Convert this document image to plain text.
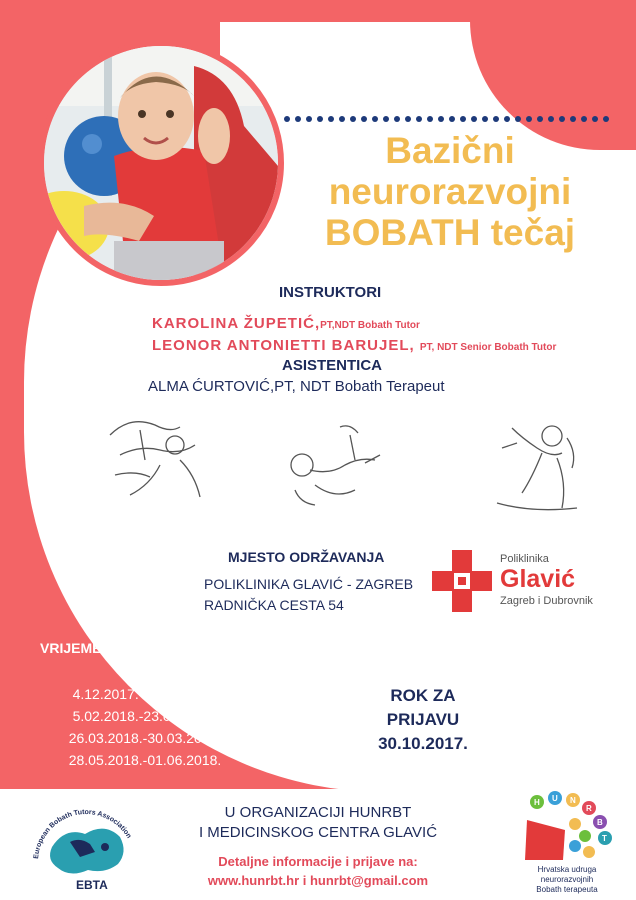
Bazični
neurorazvojni
BOBATH tečaj
INSTRUKTORI
KAROLINA ŽUPETIĆ,PT,NDT Bobath Tutor
LEONOR ANTONIETTI BARUJEL, PT, NDT Senior Bobath Tutor
ASISTENTICA
ALMA ĆURTOVIĆ,PT, NDT Bobath Terapeut
MJESTO ODRŽAVANJA
POLIKLINIKA GLAVIĆ - ZAGREB
RADNIČKA CESTA 54
Poliklinika
Glavić
Zagreb i Dubrovnik
VRIJEME ODRŽAVANJA:
4.12.2017.-22.12.2017.
5.02.2018.-23.02.2018.
26.03.2018.-30.03.2018.
28.05.2018.-01.06.2018.
ROK ZA
PRIJAVU
30.10.2017.
CIJENA
TEČAJA
27.000,00kn
European Bobath Tutors Association
EBTA
U ORGANIZACIJI HUNRBT
I MEDICINSKOG CENTRA GLAVIĆ
Detaljne informacije i prijave na:
www.hunrbt.hr i hunrbt@gmail.com
H U N
R
B
T
Hrvatska udruga
neurorazvojnih
Bobath terapeuta
